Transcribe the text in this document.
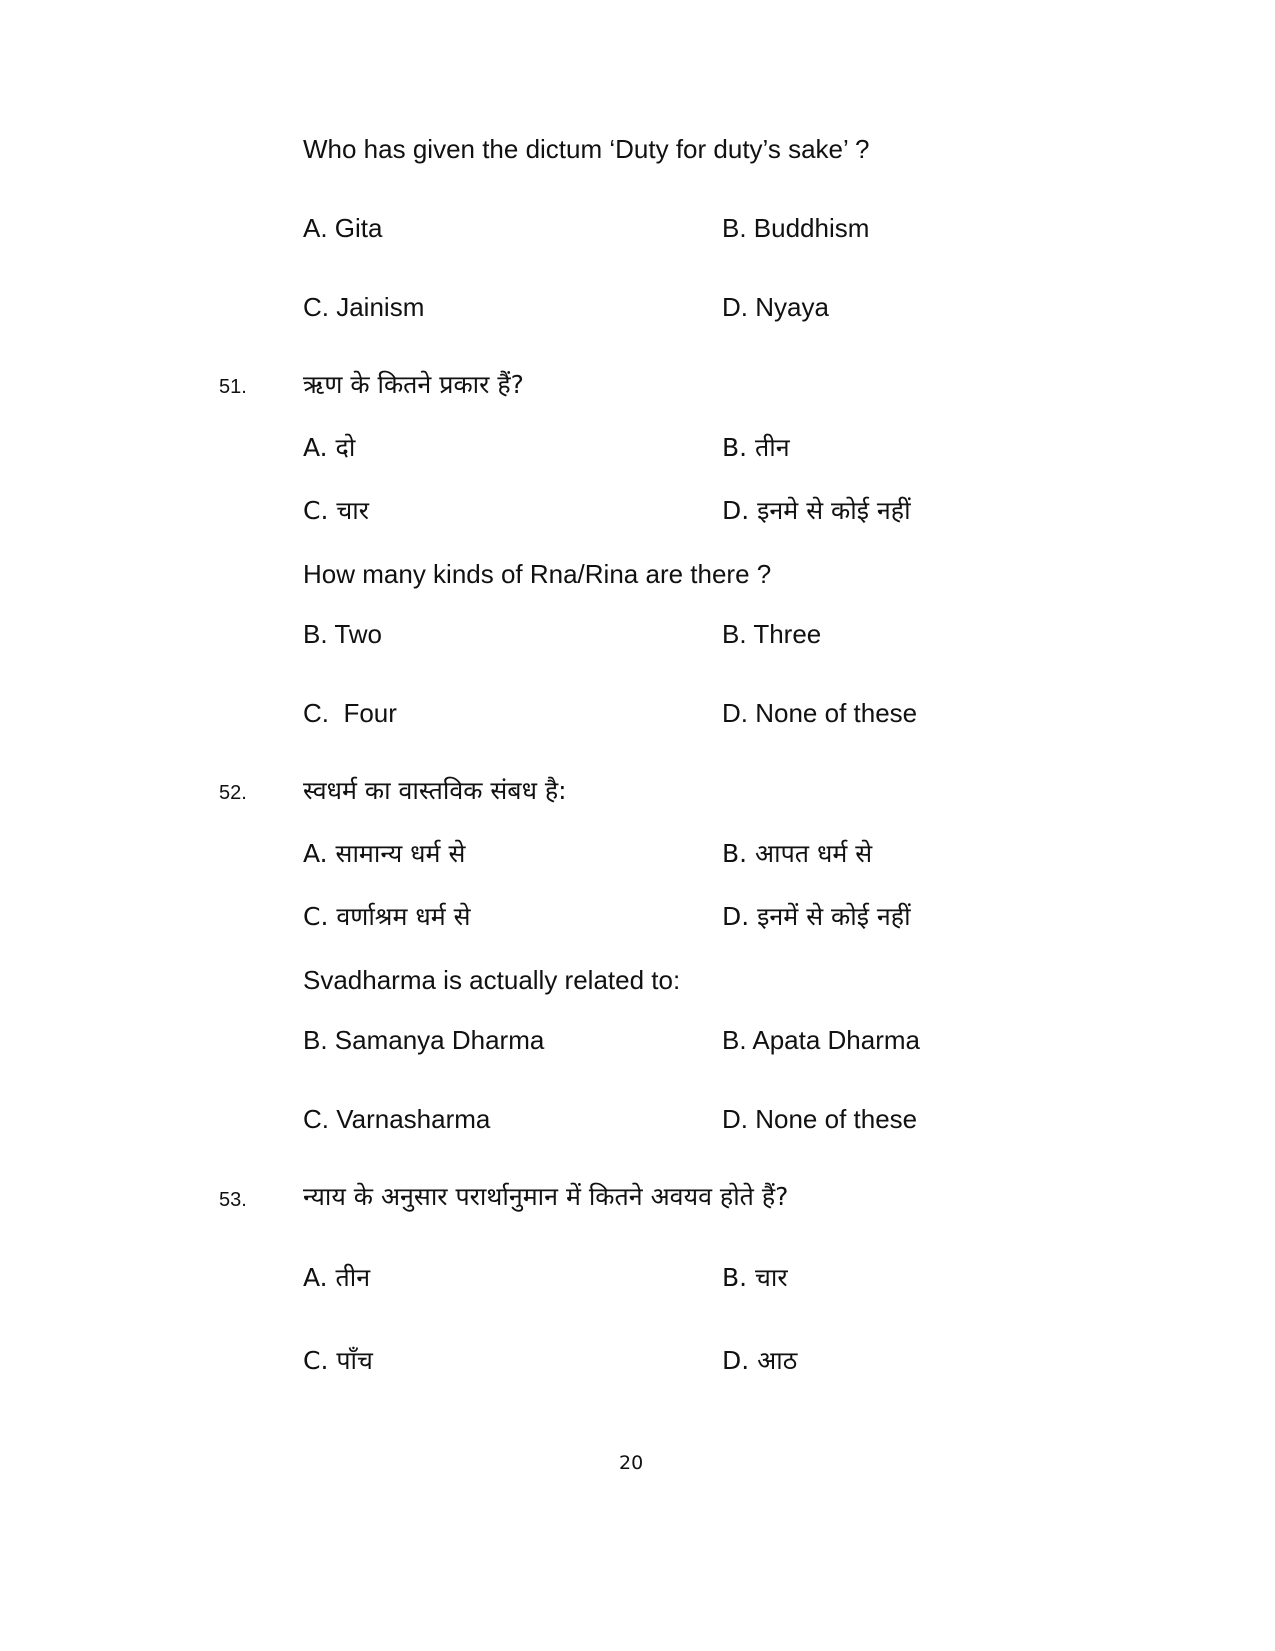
Who has given the dictum ‘Duty for duty’s sake’ ?
A. Gita	B. Buddhism
C. Jainism	D. Nyaya
51. ऋण के कितने प्रकार हैं?
A. दो	B. तीन
C. चार	D. इनमे से कोई नहीं
How many kinds of Rna/Rina are there ?
B. Two	B. Three
C.  Four	D. None of these
52. स्वधर्म का वास्तविक संबध है:
A. सामान्य धर्म से	B. आपत धर्म से
C. वर्णाश्रम धर्म से	D. इनमें से कोई नहीं
Svadharma is actually related to:
B. Samanya Dharma	B. Apata Dharma
C. Varnasharma	D. None of these
53. न्याय के अनुसार परार्थानुमान में कितने अवयव होते हैं?
A. तीन	B. चार
C. पाँच	D. आठ
20
